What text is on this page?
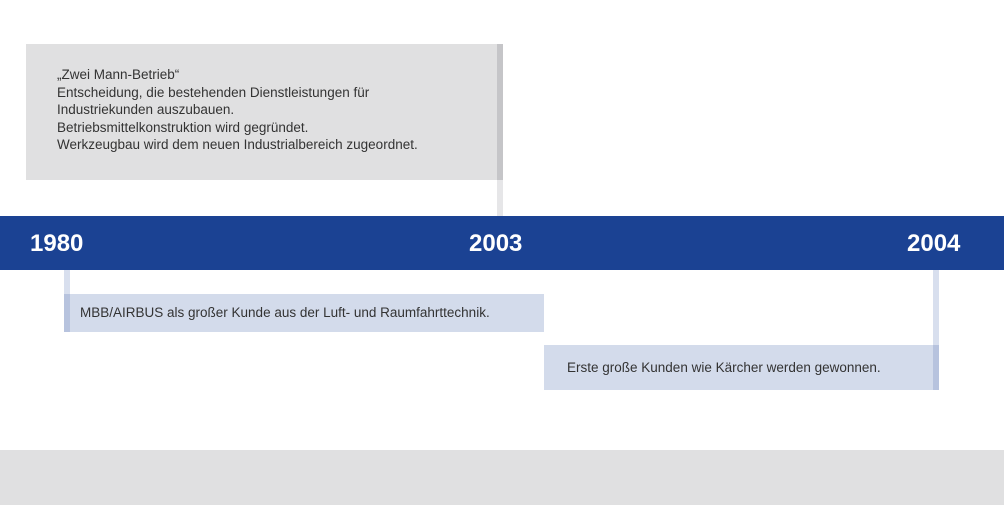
„Zwei Mann-Betrieb“
Entscheidung, die bestehenden Dienstleistungen für
Industriekunden auszubauen.
Betriebsmittelkonstruktion wird gegründet.
Werkzeugbau wird dem neuen Industrialbereich zugeordnet.
1980	2003	2004
MBB/AIRBUS als großer Kunde aus der Luft- und Raumfahrttechnik.
Erste große Kunden wie Kärcher werden gewonnen.
